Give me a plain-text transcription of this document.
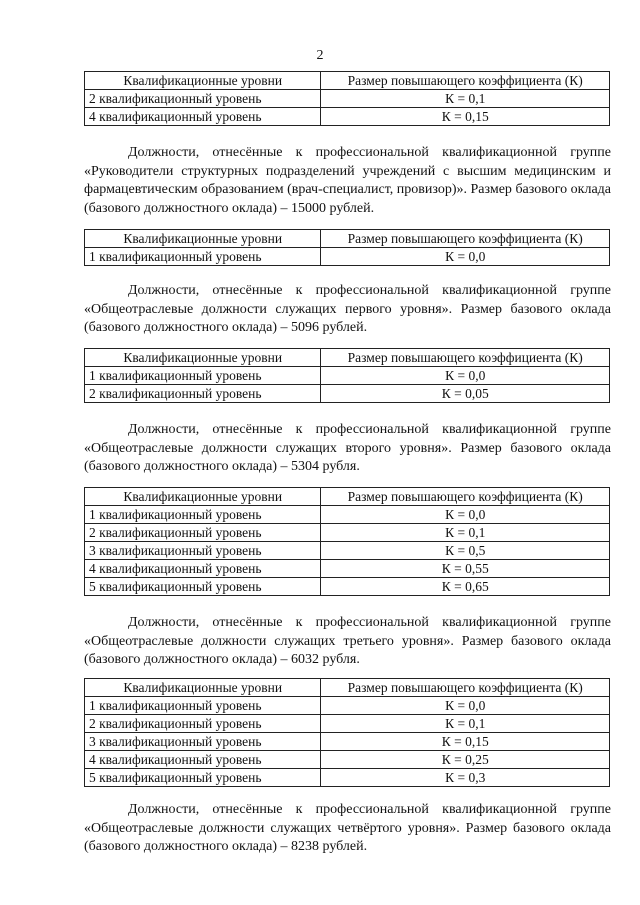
2
Квалификационные уровни	Размер повышающего коэффициента (К)
2 квалификационный уровень	К = 0,1
4 квалификационный уровень	К = 0,15

Должности, отнесённые к профессиональной квалификационной группе «Руководители структурных подразделений учреждений с высшим медицинским и фармацевтическим образованием (врач-специалист, провизор)». Размер базового оклада (базового должностного оклада) – 15000 рублей.

Квалификационные уровни	Размер повышающего коэффициента (К)
1 квалификационный уровень	К = 0,0

Должности, отнесённые к профессиональной квалификационной группе «Общеотраслевые должности служащих первого уровня». Размер базового оклада (базового должностного оклада) – 5096 рублей.

Квалификационные уровни	Размер повышающего коэффициента (К)
1 квалификационный уровень	К = 0,0
2 квалификационный уровень	К = 0,05

Должности, отнесённые к профессиональной квалификационной группе «Общеотраслевые должности служащих второго уровня». Размер базового оклада (базового должностного оклада) – 5304 рубля.

Квалификационные уровни	Размер повышающего коэффициента (К)
1 квалификационный уровень	К = 0,0
2 квалификационный уровень	К = 0,1
3 квалификационный уровень	К = 0,5
4 квалификационный уровень	К = 0,55
5 квалификационный уровень	К = 0,65

Должности, отнесённые к профессиональной квалификационной группе «Общеотраслевые должности служащих третьего уровня». Размер базового оклада (базового должностного оклада) – 6032 рубля.

Квалификационные уровни	Размер повышающего коэффициента (К)
1 квалификационный уровень	К = 0,0
2 квалификационный уровень	К = 0,1
3 квалификационный уровень	К = 0,15
4 квалификационный уровень	К = 0,25
5 квалификационный уровень	К = 0,3

Должности, отнесённые к профессиональной квалификационной группе «Общеотраслевые должности служащих четвёртого уровня». Размер базового оклада (базового должностного оклада) – 8238 рублей.
